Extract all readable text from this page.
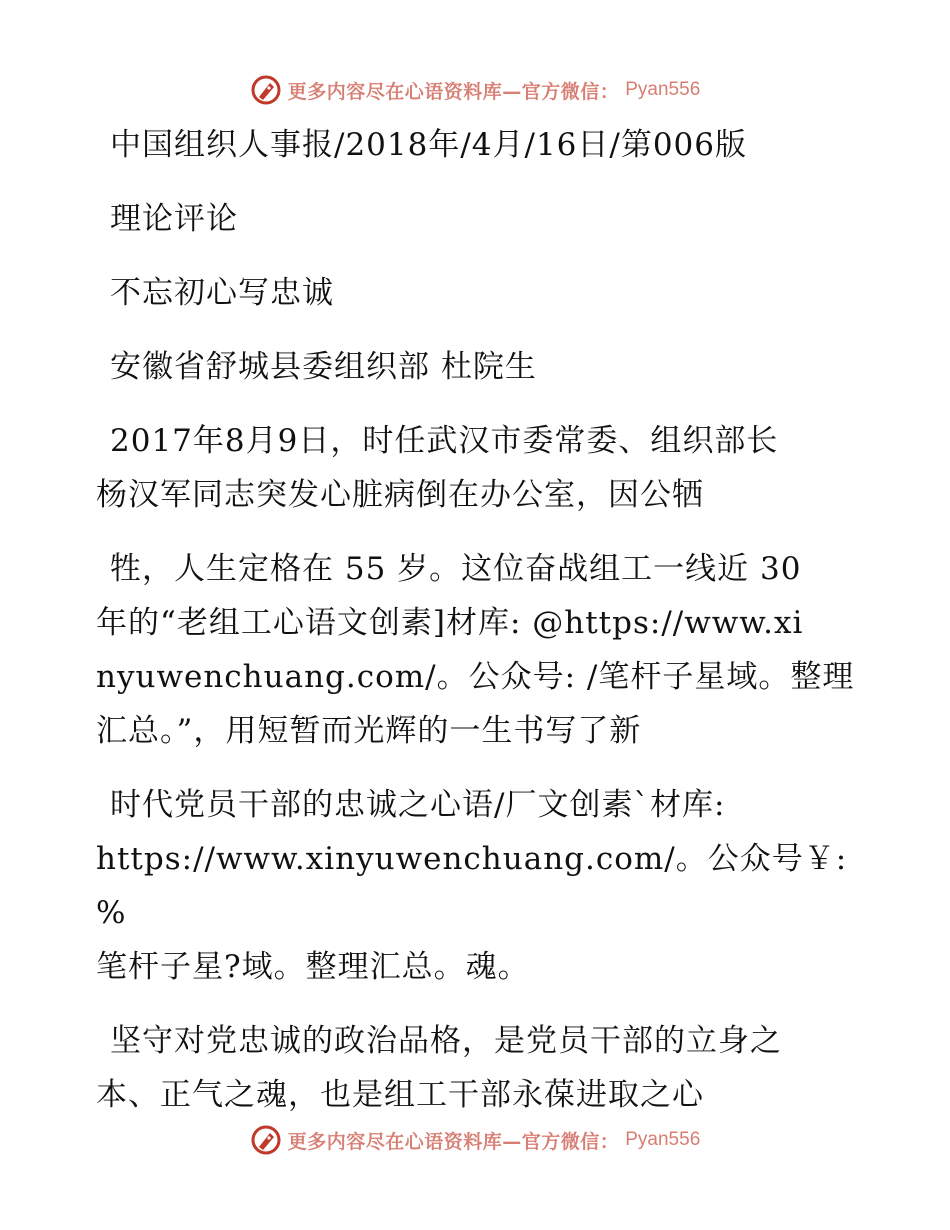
更多内容尽在心语资料库—官方微信： Pyan556

中国组织人事报/2018年/4月/16日/第006版

理论评论

不忘初心写忠诚

安徽省舒城县委组织部 杜院生

2017年8月9日，时任武汉市委常委、组织部长

杨汉军同志突发心脏病倒在办公室，因公牺

牲，人生定格在 55 岁。这位奋战组工一线近 30

年的“老组工心语文创素]材库: @https://www.xi

nyuwenchuang.com/。公众号: /笔杆子星域。整理

汇总。”，用短暂而光辉的一生书写了新

时代党员干部的忠诚之心语/厂文创素`材库:

https://www.xinyuwenchuang.com/。公众号￥: %

笔杆子星?域。整理汇总。魂。

坚守对党忠诚的政治品格，是党员干部的立身之

本、正气之魂，也是组工干部永葆进取之心

更多内容尽在心语资料库—官方微信： Pyan556
